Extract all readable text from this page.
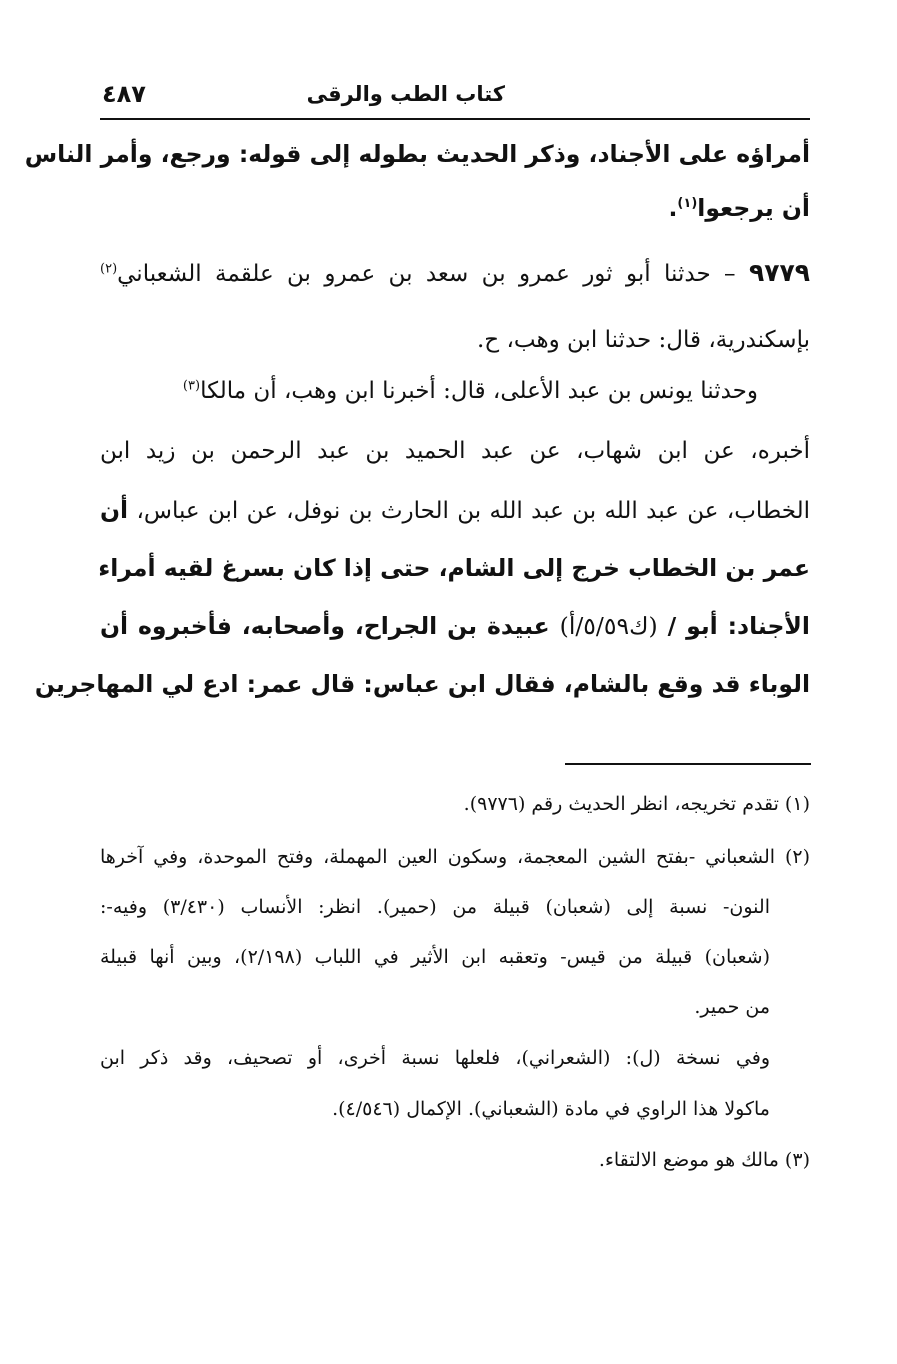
كتاب الطب والرقى
٤٨٧
أمراؤه على الأجناد، وذكر الحديث بطوله إلى قوله: ورجع، وأمر الناس
أن يرجعوا$^{(١)}$.
٩٧٧٩ – حدثنا أبو ثور عمرو بن سعد بن عمرو بن علقمة الشعباني$^{(٢)}$
بإسكندرية، قال: حدثنا ابن وهب، ح.
وحدثنا يونس بن عبد الأعلى، قال: أخبرنا ابن وهب، أن مالكا$^{(٣)}$
أخبره، عن ابن شهاب، عن عبد الحميد بن عبد الرحمن بن زيد ابن
الخطاب، عن عبد الله بن عبد الله بن الحارث بن نوفل، عن ابن عباس، أن
عمر بن الخطاب خرج إلى الشام، حتى إذا كان بسرغ لقيه أمراء
الأجناد: أبو / (ك٥/٥٩/أ) عبيدة بن الجراح، وأصحابه، فأخبروه أن
الوباء قد وقع بالشام، فقال ابن عباس: قال عمر: ادع لي المهاجرين
(١) تقدم تخريجه، انظر الحديث رقم (٩٧٧٦).
(٢) الشعباني -بفتح الشين المعجمة، وسكون العين المهملة، وفتح الموحدة، وفي آخرها
النون- نسبة إلى (شعبان) قبيلة من (حمير). انظر: الأنساب (٣/٤٣٠) وفيه-:
(شعبان) قبيلة من قيس- وتعقبه ابن الأثير في اللباب (٢/١٩٨)، وبين أنها قبيلة
من حمير.
وفي نسخة (ل): (الشعراني)، فلعلها نسبة أخرى، أو تصحيف، وقد ذكر ابن
ماكولا هذا الراوي في مادة (الشعباني). الإكمال (٤/٥٤٦).
(٣) مالك هو موضع الالتقاء.
